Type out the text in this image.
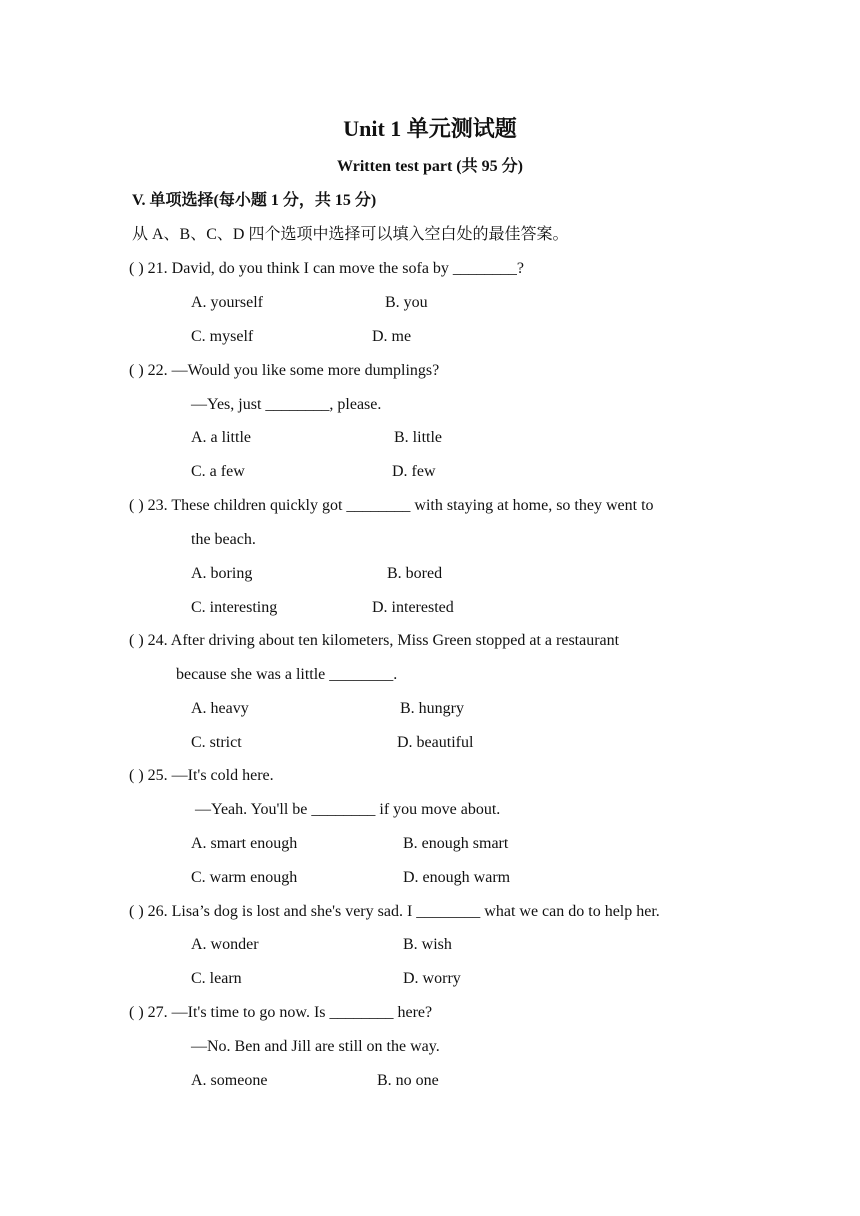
Unit 1 单元测试题
Written test part (共 95 分)
V. 单项选择(每小题 1 分，共 15 分)
从 A、B、C、D 四个选项中选择可以填入空白处的最佳答案。
( ) 21. David, do you think I can move the sofa by ________?
A. yourself	B. you
C. myself	D. me
( ) 22. —Would you like some more dumplings?
—Yes, just ________, please.
A. a little	B. little
C. a few	D. few
( ) 23. These children quickly got ________ with staying at home, so they went to
the beach.
A. boring	B. bored
C. interesting	D. interested
( ) 24. After driving about ten kilometers, Miss Green stopped at a restaurant
because she was a little ________.
A. heavy	B. hungry
C. strict	D. beautiful
( ) 25. —It's cold here.
—Yeah. You'll be ________ if you move about.
A. smart enough	B. enough smart
C. warm enough	D. enough warm
( ) 26. Lisa’s dog is lost and she's very sad. I ________ what we can do to help her.
A. wonder	B. wish
C. learn	D. worry
( ) 27. —It's time to go now. Is ________ here?
—No. Ben and Jill are still on the way.
A. someone	B. no one
